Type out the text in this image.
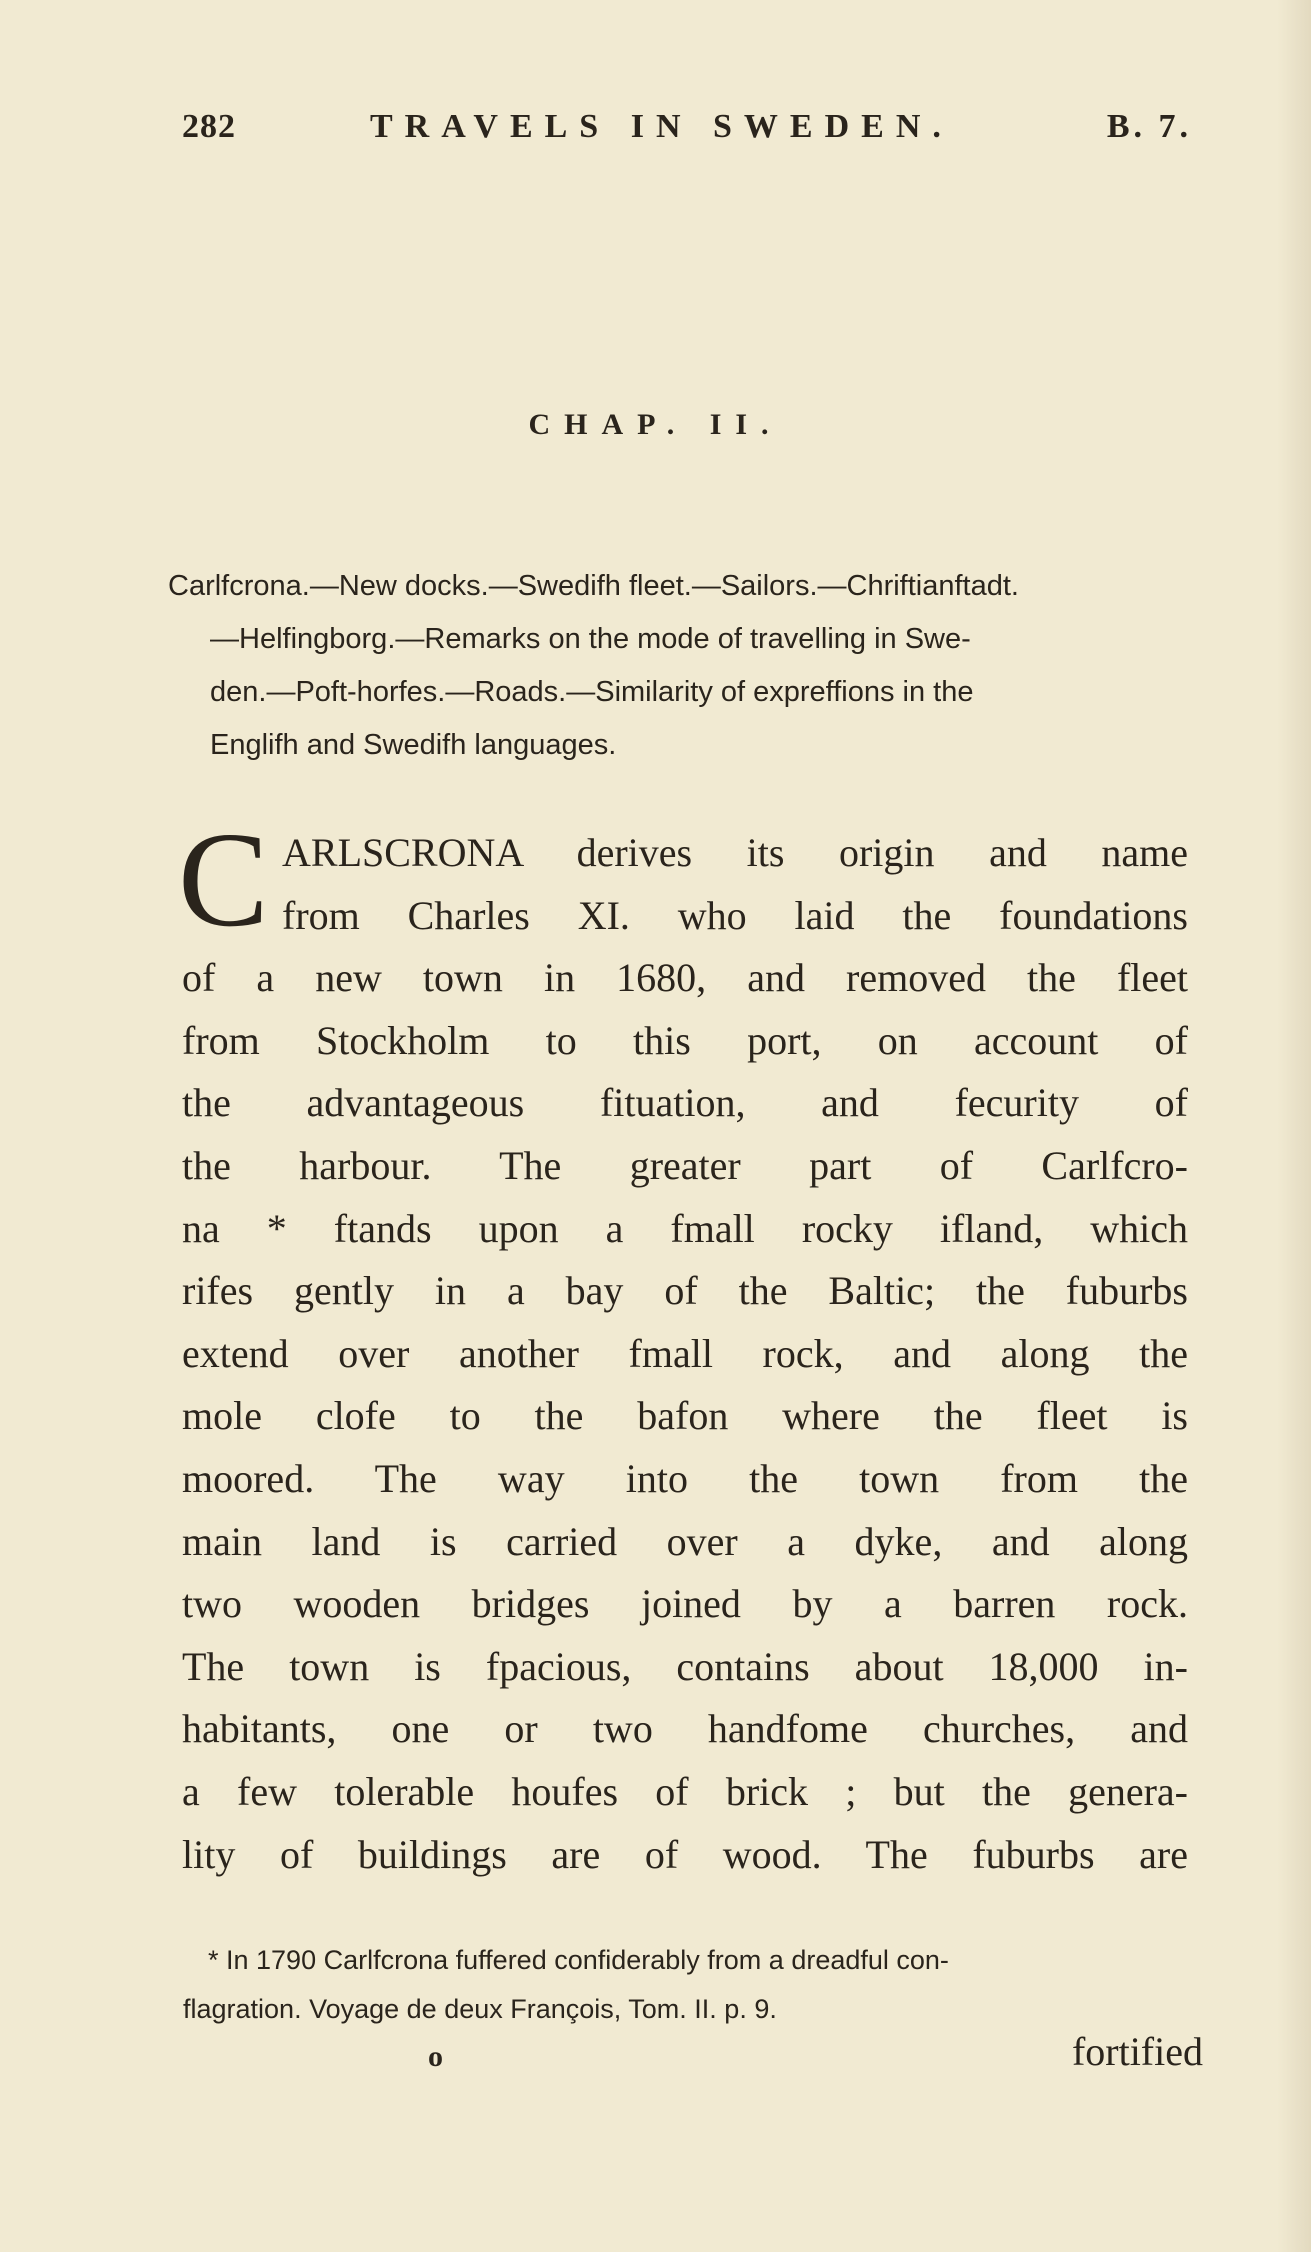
282	TRAVELS IN SWEDEN.	B. 7.
CHAP. II.
Carlfcrona.—New docks.—Swedifh fleet.—Sailors.—Chriftianftadt.
—Helfingborg.—Remarks on the mode of travelling in Swe-
den.—Poft-horfes.—Roads.—Similarity of expreffions in the
Englifh and Swedifh languages.
C ARLSCRONA derives its origin and name
from Charles XI. who laid the foundations
of a new town in 1680, and removed the fleet
from Stockholm to this port, on account of
the advantageous fituation, and fecurity of
the harbour. The greater part of Carlfcro-
na * ftands upon a fmall rocky ifland, which
rifes gently in a bay of the Baltic; the fuburbs
extend over another fmall rock, and along the
mole clofe to the bafon where the fleet is
moored. The way into the town from the
main land is carried over a dyke, and along
two wooden bridges joined by a barren rock.
The town is fpacious, contains about 18,000 in-
habitants, one or two handfome churches, and
a few tolerable houfes of brick ; but the genera-
lity of buildings are of wood. The fuburbs are
* In 1790 Carlfcrona fuffered confiderably from a dreadful con-
flagration. Voyage de deux François, Tom. II. p. 9.
o	fortified
